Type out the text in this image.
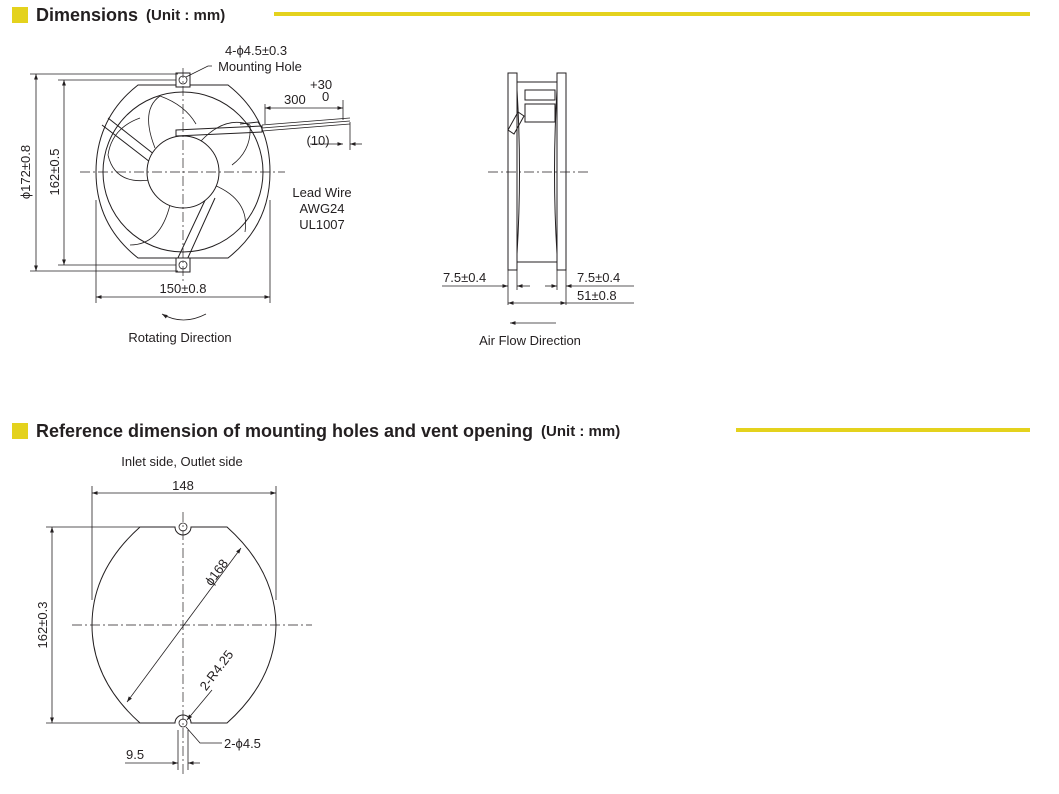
Dimensions (Unit : mm)
Reference dimension of mounting holes and vent opening (Unit : mm)
4-ϕ4.5±0.3
Mounting Hole
+30
300 0
(10)
Lead Wire
AWG24
UL1007
ϕ172±0.8 162±0.5
150±0.8
Rotating Direction
7.5±0.4	7.5±0.4
51±0.8
Air Flow Direction
Inlet side, Outlet side
148
ϕ168
2-R4.25
162±0.3
2-ϕ4.5
9.5
